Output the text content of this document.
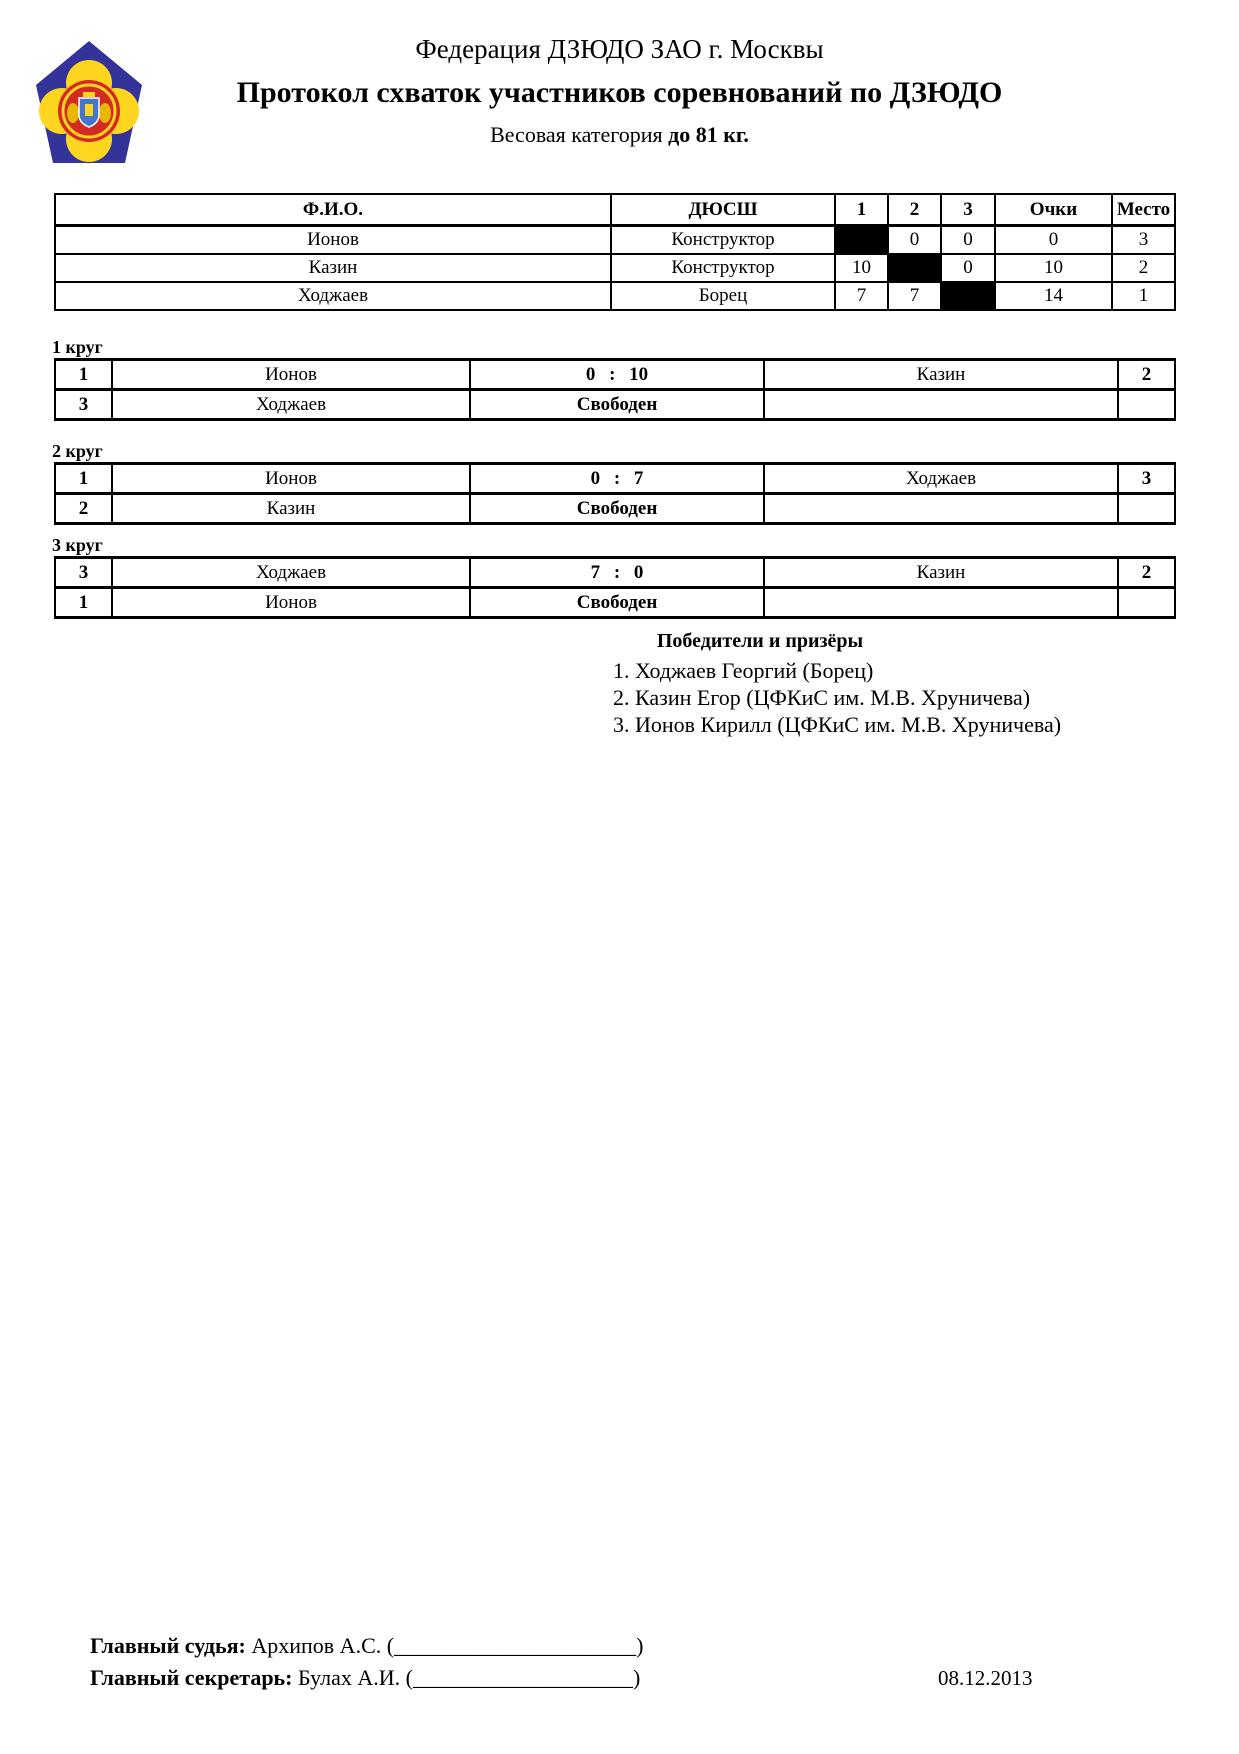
Федерация ДЗЮДО ЗАО г. Москвы
Протокол схваток участников соревнований по ДЗЮДО
Весовая категория до 81 кг.
Ф.И.О.	ДЮСШ	1	2	3	Очки	Место
Ионов	Конструктор		0	0	0	3
Казин	Конструктор	10		0	10	2
Ходжаев	Борец	7	7		14	1
1 круг
1	Ионов	0 : 10	Казин	2
3	Ходжаев	Свободен		
2 круг
1	Ионов	0 : 7	Ходжаев	3
2	Казин	Свободен		
3 круг
3	Ходжаев	7 : 0	Казин	2
1	Ионов	Свободен		
Победители и призёры
1. Ходжаев Георгий (Борец)
2. Казин Егор (ЦФКиС им. М.В. Хруничева)
3. Ионов Кирилл (ЦФКиС им. М.В. Хруничева)
Главный судья: Архипов А.С. (______________________)
Главный секретарь: Булах А.И. (____________________)	08.12.2013
